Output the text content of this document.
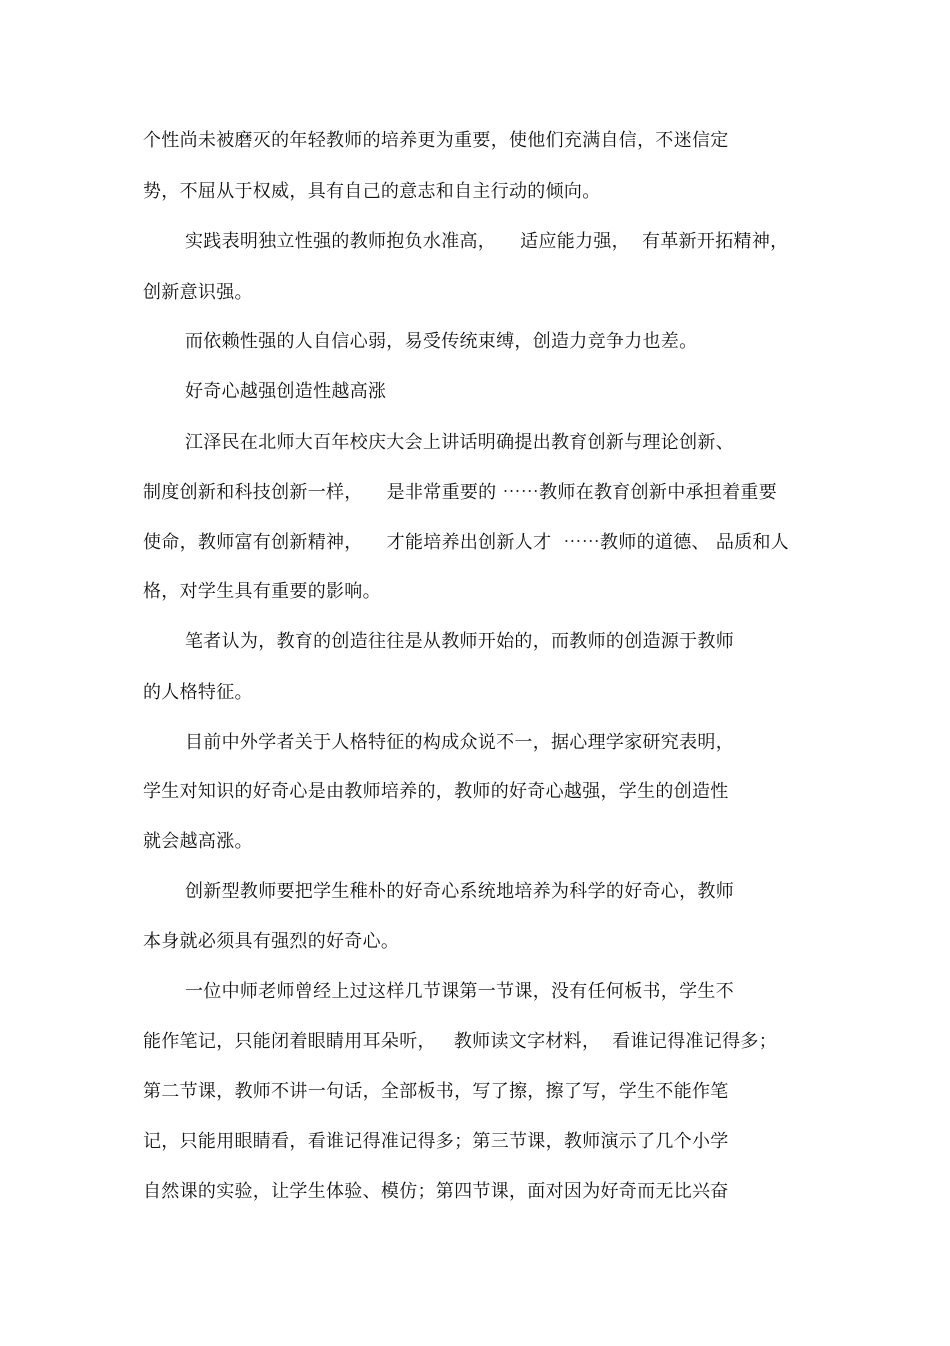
个性尚未被磨灭的年轻教师的培养更为重要，使他们充满自信，不迷信定
势，不屈从于权威，具有自己的意志和自主行动的倾向。
实践表明独立性强的教师抱负水准高，    适应能力强，  有革新开拓精神，
创新意识强。
而依赖性强的人自信心弱，易受传统束缚，创造力竞争力也差。
好奇心越强创造性越高涨
江泽民在北师大百年校庆大会上讲话明确提出教育创新与理论创新、
制度创新和科技创新一样，    是非常重要的 ⋯⋯教师在教育创新中承担着重要
使命，教师富有创新精神，    才能培养出创新人才  ⋯⋯教师的道德、 品质和人
格，对学生具有重要的影响。
笔者认为，教育的创造往往是从教师开始的，而教师的创造源于教师
的人格特征。
目前中外学者关于人格特征的构成众说不一，据心理学家研究表明，
学生对知识的好奇心是由教师培养的，教师的好奇心越强，学生的创造性
就会越高涨。
创新型教师要把学生稚朴的好奇心系统地培养为科学的好奇心，教师
本身就必须具有强烈的好奇心。
一位中师老师曾经上过这样几节课第一节课，没有任何板书，学生不
能作笔记，只能闭着眼睛用耳朵听，   教师读文字材料，  看谁记得准记得多；
第二节课，教师不讲一句话，全部板书，写了擦，擦了写，学生不能作笔
记，只能用眼睛看，看谁记得准记得多；第三节课，教师演示了几个小学
自然课的实验，让学生体验、模仿；第四节课，面对因为好奇而无比兴奋
